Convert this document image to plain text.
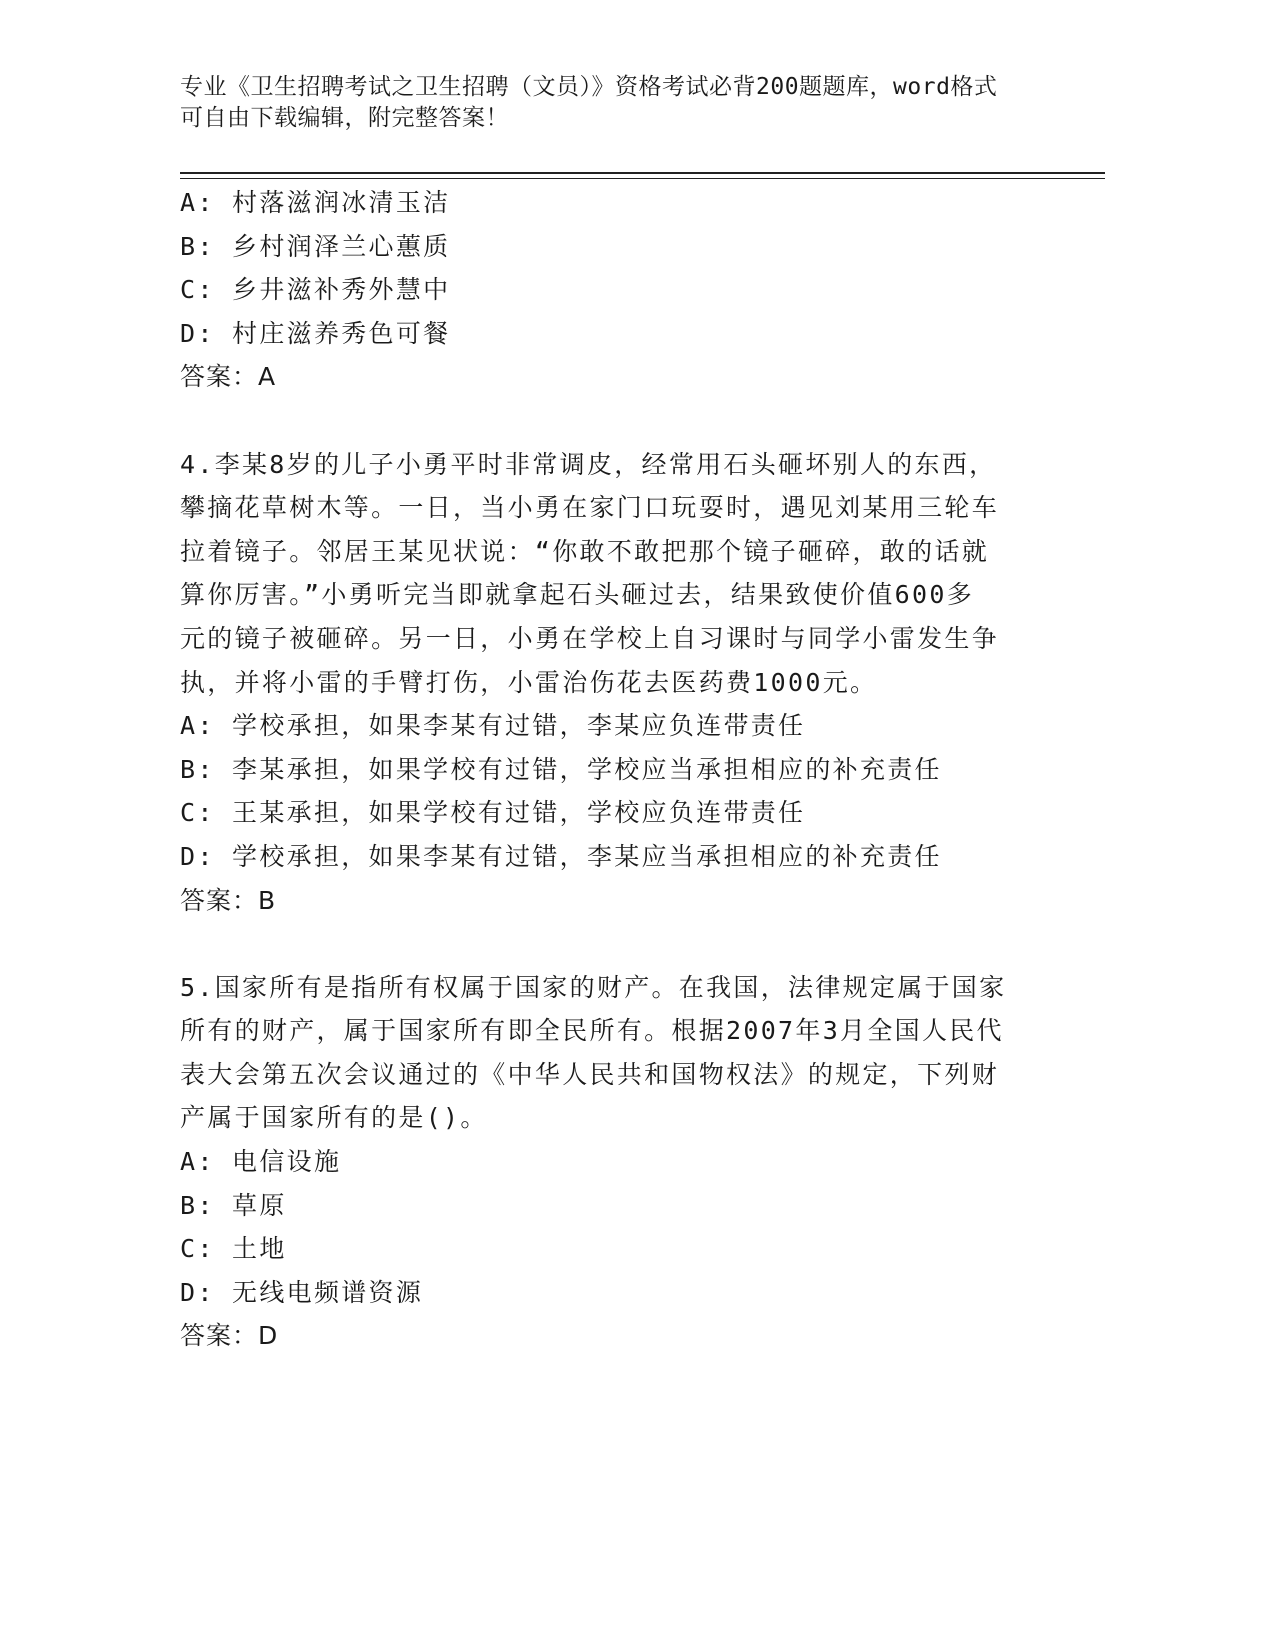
专业《卫生招聘考试之卫生招聘（文员）》资格考试必背200题题库，word格式
可自由下载编辑，附完整答案！
A: 村落滋润冰清玉洁
B: 乡村润泽兰心蕙质
C: 乡井滋补秀外慧中
D: 村庄滋养秀色可餐
答案：A
4.李某8岁的儿子小勇平时非常调皮，经常用石头砸坏别人的东西，
攀摘花草树木等。一日，当小勇在家门口玩耍时，遇见刘某用三轮车
拉着镜子。邻居王某见状说：“你敢不敢把那个镜子砸碎，敢的话就
算你厉害。”小勇听完当即就拿起石头砸过去，结果致使价值600多
元的镜子被砸碎。另一日，小勇在学校上自习课时与同学小雷发生争
执，并将小雷的手臂打伤，小雷治伤花去医药费1000元。
A: 学校承担，如果李某有过错，李某应负连带责任
B: 李某承担，如果学校有过错，学校应当承担相应的补充责任
C: 王某承担，如果学校有过错，学校应负连带责任
D: 学校承担，如果李某有过错，李某应当承担相应的补充责任
答案：B
5.国家所有是指所有权属于国家的财产。在我国，法律规定属于国家
所有的财产，属于国家所有即全民所有。根据2007年3月全国人民代
表大会第五次会议通过的《中华人民共和国物权法》的规定，下列财
产属于国家所有的是()。
A: 电信设施
B: 草原
C: 土地
D: 无线电频谱资源
答案：D
